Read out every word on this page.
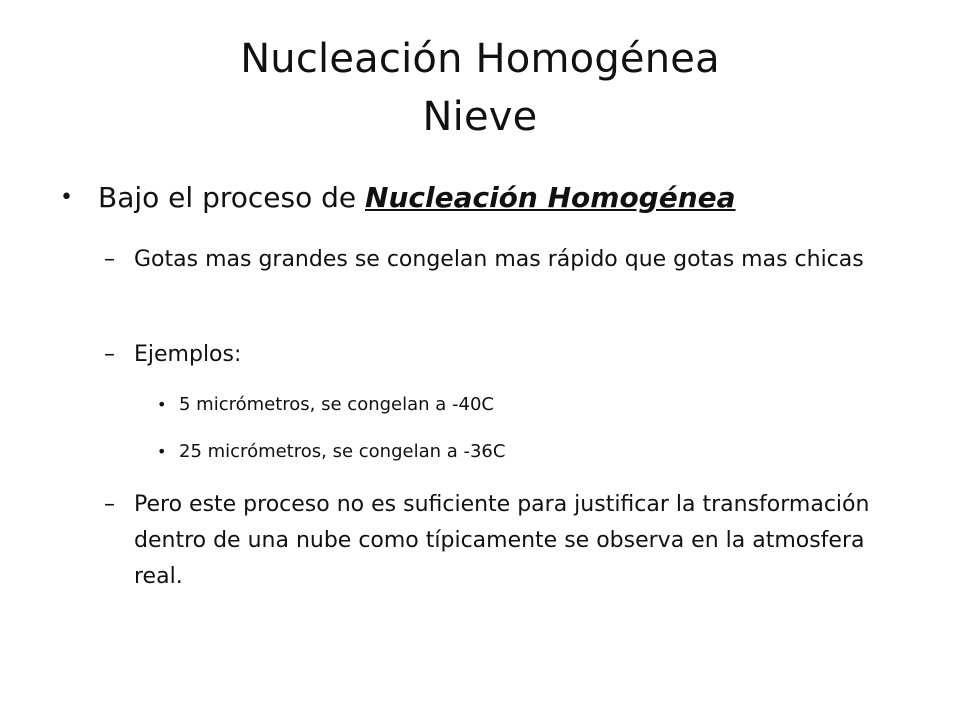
Nucleación Homogénea
Nieve
• Bajo el proceso de Nucleación Homogénea
– Gotas mas grandes se congelan mas rápido que gotas mas chicas
– Ejemplos:
• 5 micrómetros, se congelan a -40C
• 25 micrómetros, se congelan a -36C
– Pero este proceso no es suficiente para justificar la transformación dentro de una nube como típicamente se observa en la atmosfera real.
